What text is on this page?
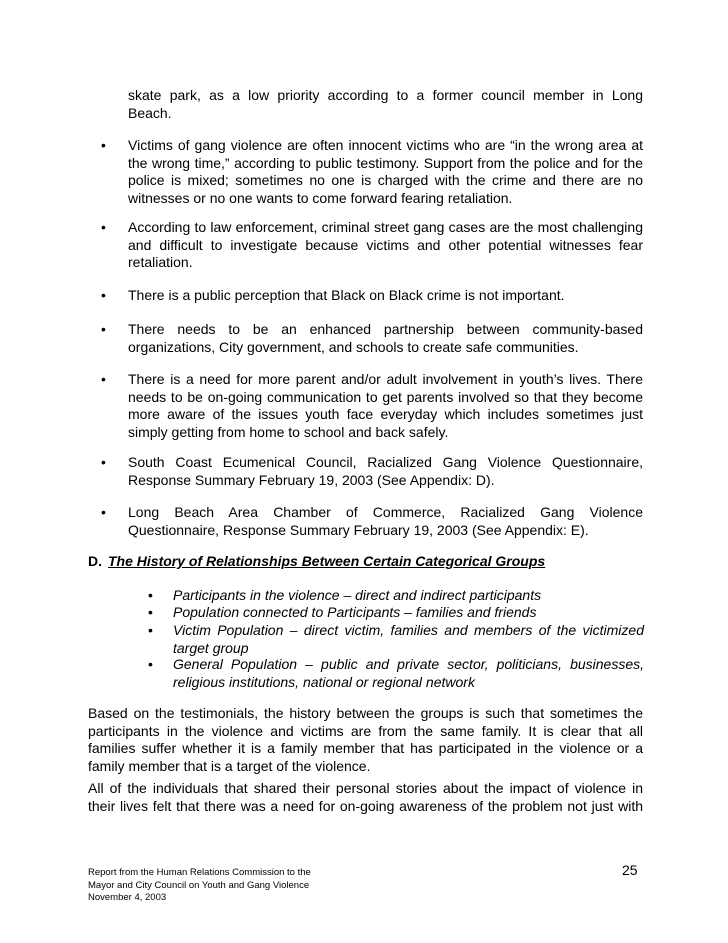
skate park, as a low priority according to a former council member in Long
Beach.
• Victims of gang violence are often innocent victims who are “in the wrong area at the wrong time,” according to public testimony. Support from the police and for the police is mixed; sometimes no one is charged with the crime and there are no witnesses or no one wants to come forward fearing retaliation.
• According to law enforcement, criminal street gang cases are the most challenging and difficult to investigate because victims and other potential witnesses fear retaliation.
• There is a public perception that Black on Black crime is not important.
• There needs to be an enhanced partnership between community-based organizations, City government, and schools to create safe communities.
• There is a need for more parent and/or adult involvement in youth’s lives. There needs to be on-going communication to get parents involved so that they become more aware of the issues youth face everyday which includes sometimes just simply getting from home to school and back safely.
• South Coast Ecumenical Council, Racialized Gang Violence Questionnaire, Response Summary February 19, 2003 (See Appendix: D).
• Long Beach Area Chamber of Commerce, Racialized Gang Violence Questionnaire, Response Summary February 19, 2003 (See Appendix: E).
D. The History of Relationships Between Certain Categorical Groups
• Participants in the violence – direct and indirect participants
• Population connected to Participants – families and friends
• Victim Population – direct victim, families and members of the victimized target group
• General Population – public and private sector, politicians, businesses, religious institutions, national or regional network
Based on the testimonials, the history between the groups is such that sometimes the participants in the violence and victims are from the same family. It is clear that all families suffer whether it is a family member that has participated in the violence or a family member that is a target of the violence.
All of the individuals that shared their personal stories about the impact of violence in their lives felt that there was a need for on-going awareness of the problem not just with
Report from the Human Relations Commission to the
Mayor and City Council on Youth and Gang Violence
November 4, 2003
25
